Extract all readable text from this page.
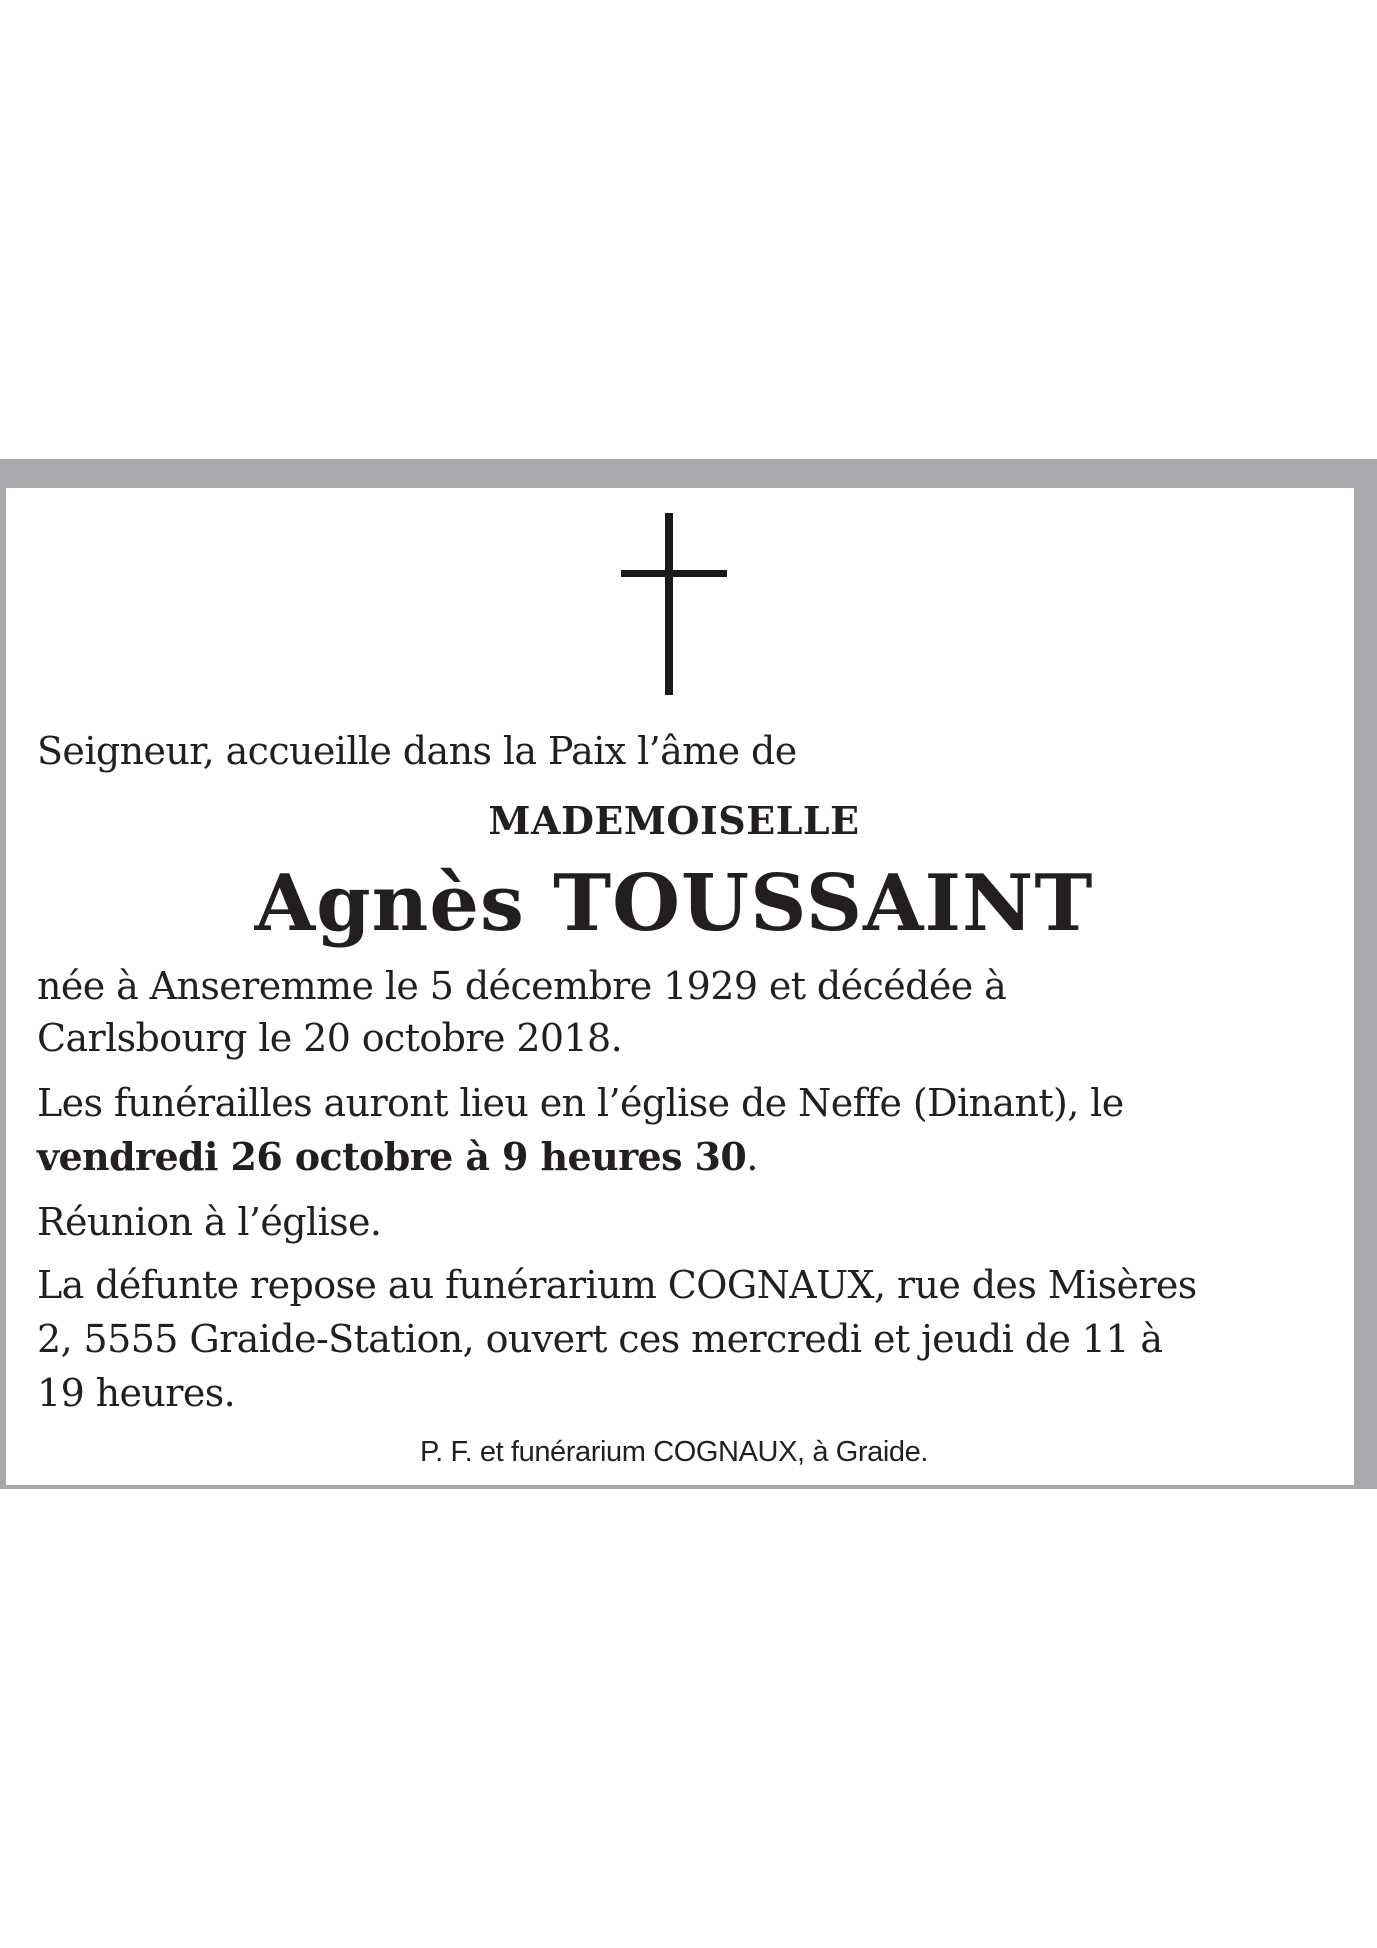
Seigneur, accueille dans la Paix l’âme de

MADEMOISELLE

Agnès TOUSSAINT

née à Anseremme le 5 décembre 1929 et décédée à

Carlsbourg le 20 octobre 2018.

Les funérailles auront lieu en l’église de Neffe (Dinant), le

vendredi 26 octobre à 9 heures 30.

Réunion à l’église.

La défunte repose au funérarium COGNAUX, rue des Misères

2, 5555 Graide-Station, ouvert ces mercredi et jeudi de 11 à

19 heures.

P. F. et funérarium COGNAUX, à Graide.
